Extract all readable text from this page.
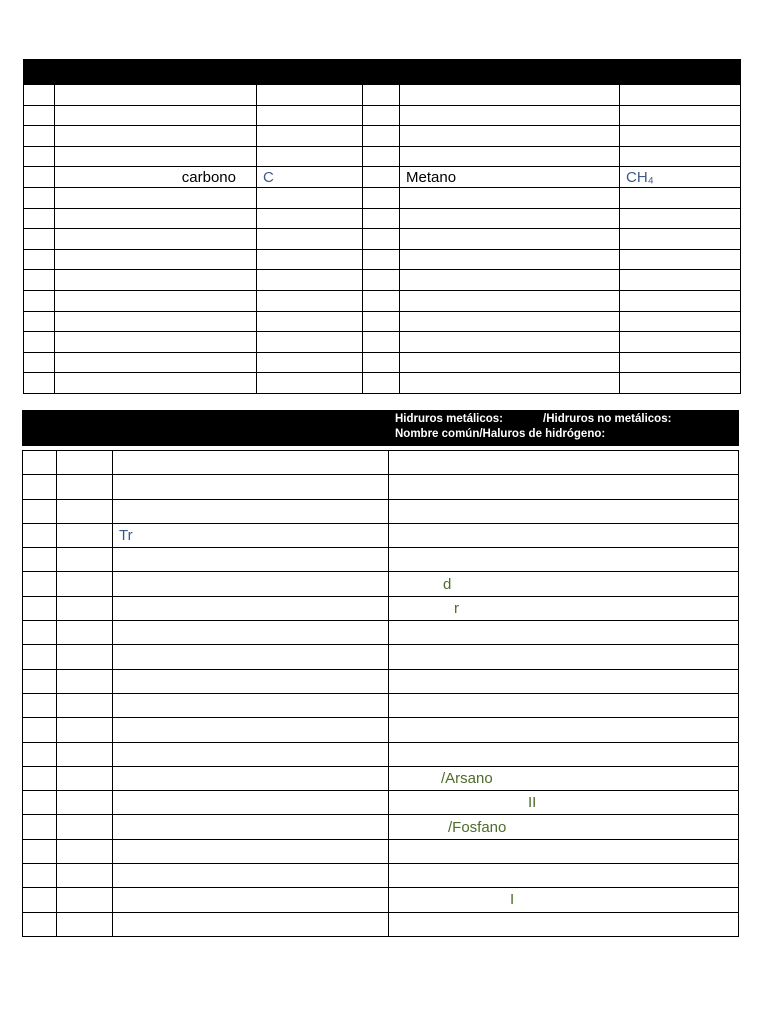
	carbono	C		Metano	CH₄

			Hidruros metálicos: /Hidruros no metálicos:
Nombre común/Haluros de hidrógeno:

		Tr	

			d
			r

			/Arsano
			II
			/Fosfano

			I
